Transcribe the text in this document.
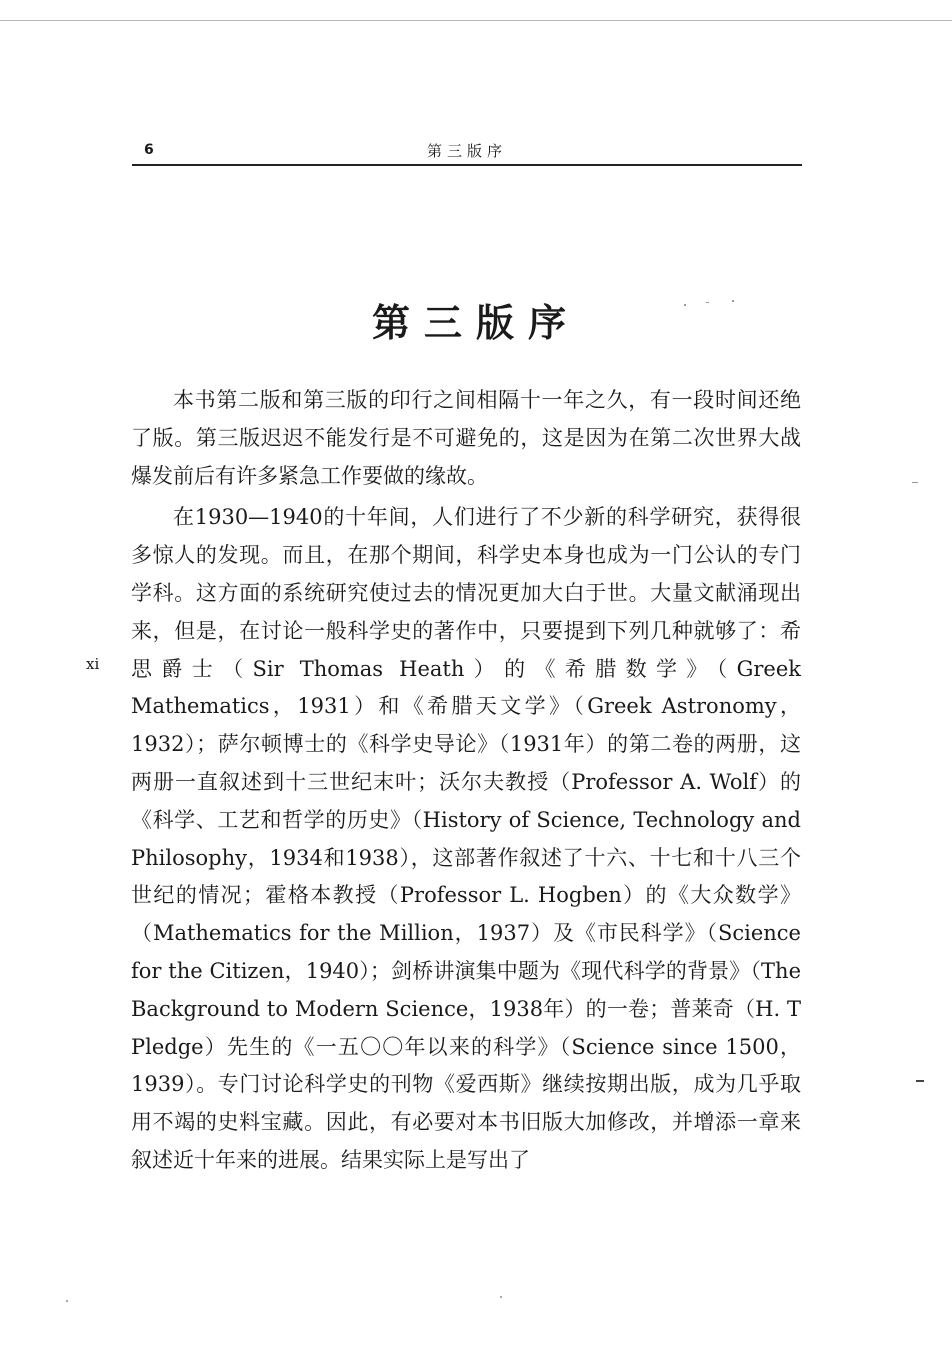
6	第三版序
第三版序
xi

本书第二版和第三版的印行之间相隔十一年之久，有一段时间还绝了版。第三版迟迟不能发行是不可避免的，这是因为在第二次世界大战爆发前后有许多紧急工作要做的缘故。

在1930—1940的十年间，人们进行了不少新的科学研究，获得很多惊人的发现。而且，在那个期间，科学史本身也成为一门公认的专门学科。这方面的系统研究使过去的情况更加大白于世。大量文献涌现出来，但是，在讨论一般科学史的著作中，只要提到下列几种就够了：希思爵士（Sir Thomas Heath）的《希腊数学》（Greek Mathematics，1931）和《希腊天文学》（Greek Astronomy，1932）；萨尔顿博士的《科学史导论》（1931年）的第二卷的两册，这两册一直叙述到十三世纪末叶；沃尔夫教授（Professor A. Wolf）的《科学、工艺和哲学的历史》（History of Science, Technology and Philosophy，1934和1938），这部著作叙述了十六、十七和十八三个世纪的情况；霍格本教授（Professor L. Hogben）的《大众数学》（Mathematics for the Million，1937）及《市民科学》（Science for the Citizen，1940）；剑桥讲演集中题为《现代科学的背景》（The Background to Modern Science，1938年）的一卷；普莱奇（H. T Pledge）先生的《一五〇〇年以来的科学》（Science since 1500，1939）。专门讨论科学史的刊物《爱西斯》继续按期出版，成为几乎取用不竭的史料宝藏。因此，有必要对本书旧版大加修改，并增添一章来叙述近十年来的进展。结果实际上是写出了
